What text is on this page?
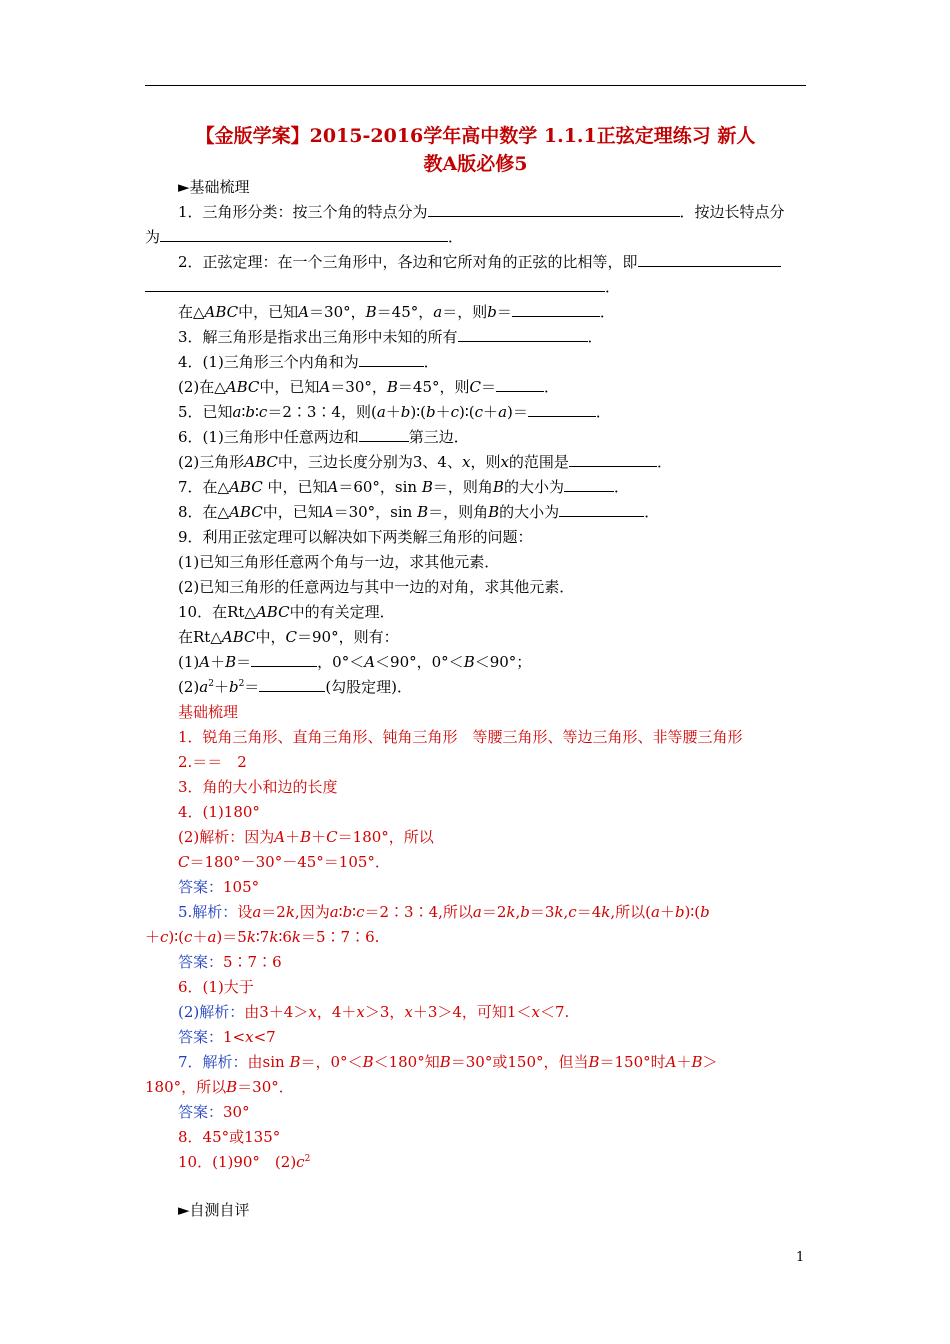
【金版学案】2015-2016学年高中数学 1.1.1正弦定理练习 新人
教A版必修5
►基础梳理
1．三角形分类：按三个角的特点分为	．按边长特点分
为	．
2．正弦定理：在一个三角形中，各边和它所对角的正弦的比相等，即
．
在△ABC中，已知A＝30°，B＝45°，a＝，则b＝	．
3．解三角形是指求出三角形中未知的所有	．
4．(1)三角形三个内角和为	．
(2)在△ABC中，已知A＝30°，B＝45°，则C＝	．
5．已知a∶b∶c＝2∶3∶4，则(a＋b)∶(b＋c)∶(c＋a)＝	．
6．(1)三角形中任意两边和	第三边．
(2)三角形ABC中，三边长度分别为3、4、x，则x的范围是	．
7．在△ABC 中，已知A＝60°，sin B＝，则角B的大小为	．
8．在△ABC中，已知A＝30°，sin B＝，则角B的大小为	．
9．利用正弦定理可以解决如下两类解三角形的问题：
(1)已知三角形任意两个角与一边，求其他元素．
(2)已知三角形的任意两边与其中一边的对角，求其他元素．
10．在Rt△ABC中的有关定理．
在Rt△ABC中，C＝90°，则有：
(1)A＋B＝	，0°＜A＜90°，0°＜B＜90°；
$(2)a^2+b^2=$	(勾股定理)．
基础梳理
1．锐角三角形、直角三角形、钝角三角形　等腰三角形、等边三角形、非等腰三角形
2.＝＝　2
3．角的大小和边的长度
4．(1)180°
(2)解析：因为A＋B＋C＝180°，所以
C＝180°－30°－45°＝105°．
答案：105°
5.解析：设a＝2k,因为a∶b∶c＝2∶3∶4,所以a＝2k,b＝3k,c＝4k,所以(a＋b)∶(b
＋c)∶(c＋a)＝5k∶7k∶6k＝5∶7∶6.
答案：5∶7∶6
6．(1)大于
(2)解析：由3＋4＞x，4＋x＞3，x＋3＞4，可知1＜x＜7.
答案：1<x<7
7．解析：由sin B＝，0°＜B＜180°知B＝30°或150°，但当B＝150°时A＋B＞
180°，所以B＝30°．
答案：30°
8．45°或135°
10．(1)90°　$(2)c^2$
►自测自评
1
